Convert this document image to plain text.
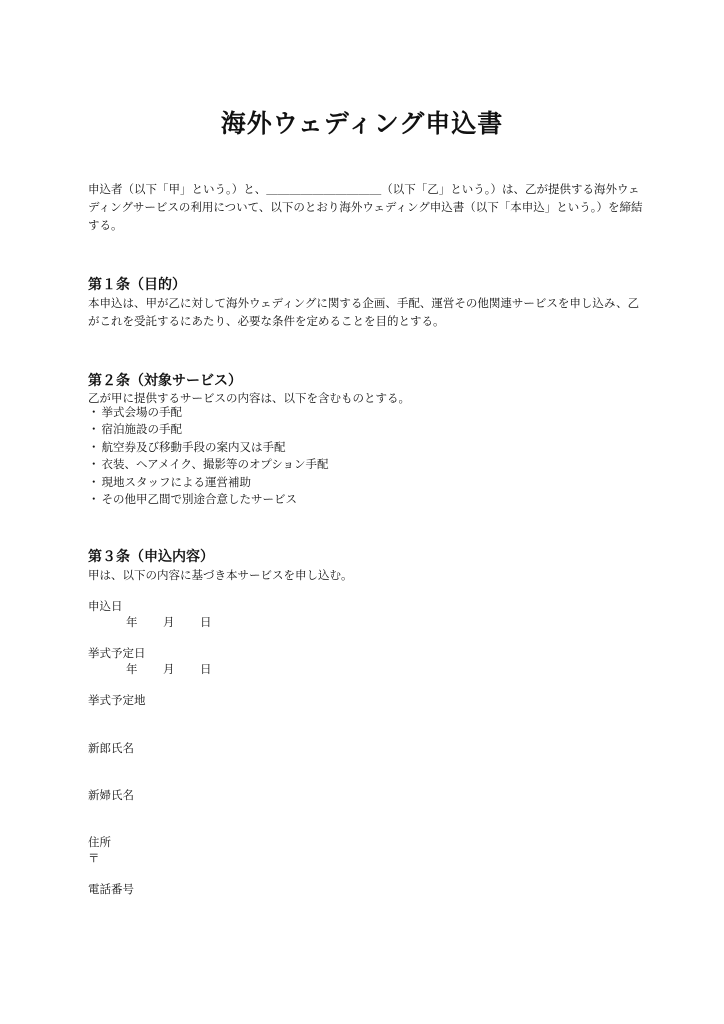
海外ウェディング申込書

申込者（以下「甲」という。）と、＿＿＿＿＿＿＿＿＿＿（以下「乙」という。）は、乙が提供する海外ウェディングサービスの利用について、以下のとおり海外ウェディング申込書（以下「本申込」という。）を締結する。

第１条（目的）

本申込は、甲が乙に対して海外ウェディングに関する企画、手配、運営その他関連サービスを申し込み、乙がこれを受託するにあたり、必要な条件を定めることを目的とする。

第２条（対象サービス）

乙が甲に提供するサービスの内容は、以下を含むものとする。

・ 挙式会場の手配
・ 宿泊施設の手配
・ 航空券及び移動手段の案内又は手配
・ 衣装、ヘアメイク、撮影等のオプション手配
・ 現地スタッフによる運営補助
・ その他甲乙間で別途合意したサービス
第３条（申込内容）

甲は、以下の内容に基づき本サービスを申し込む。

申込日

年 月 日

挙式予定日

年 月 日

挙式予定地

新郎氏名

新婦氏名

住所

〒

電話番号
